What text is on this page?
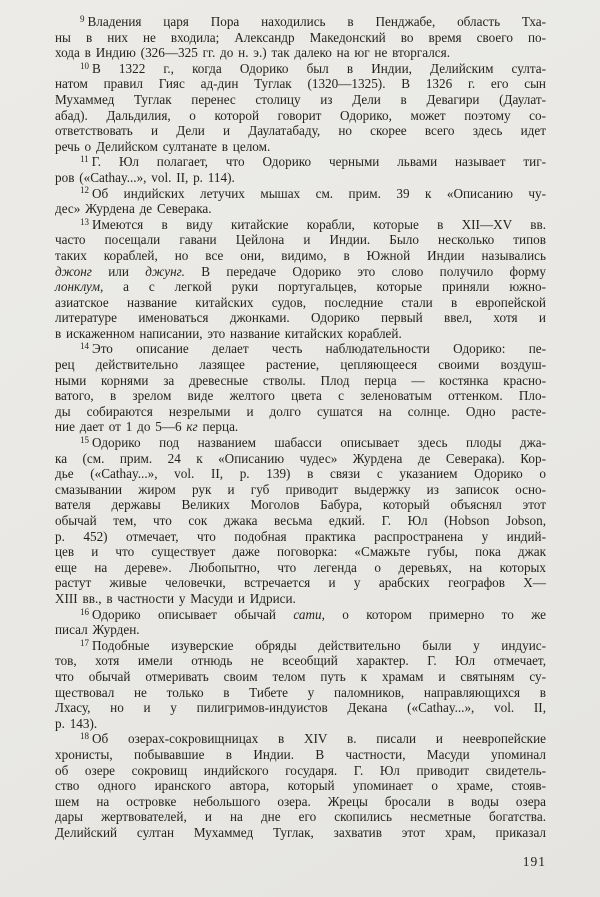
$^9$ Владения царя Пора находились в Пенджабе, область Тха-
ны в них не входила; Александр Македонский во время своего по-
хода в Индию (326—325 гг. до н. э.) так далеко на юг не вторгался.
$^{10}$ В 1322 г., когда Одорико был в Индии, Делийским султа-
натом правил Гияс ад-дин Туглак (1320—1325). В 1326 г. его сын
Мухаммед Туглак перенес столицу из Дели в Девагири (Даулат-
абад). Дальдилия, о которой говорит Одорико, может поэтому со-
ответствовать и Дели и Даулатабаду, но скорее всего здесь идет
речь о Делийском султанате в целом.
$^{11}$ Г. Юл полагает, что Одорико черными львами называет тиг-
ров («Cathay...», vol. II, p. 114).
$^{12}$ Об индийских летучих мышах см. прим. 39 к «Описанию чу-
дес» Журдена де Северака.
$^{13}$ Имеются в виду китайские корабли, которые в XII—XV вв.
часто посещали гавани Цейлона и Индии. Было несколько типов
таких кораблей, но все они, видимо, в Южной Индии назывались
джонг или джунг. В передаче Одорико это слово получило форму
лонклум, а с легкой руки португальцев, которые приняли южно-
азиатское название китайских судов, последние стали в европейской
литературе именоваться джонками. Одорико первый ввел, хотя и
в искаженном написании, это название китайских кораблей.
$^{14}$ Это описание делает честь наблюдательности Одорико: пе-
рец действительно лазящее растение, цепляющееся своими воздуш-
ными корнями за древесные стволы. Плод перца — костянка красно-
ватого, в зрелом виде желтого цвета с зеленоватым оттенком. Пло-
ды собираются незрелыми и долго сушатся на солнце. Одно расте-
ние дает от 1 до 5—6 кг перца.
$^{15}$ Одорико под названием шабасси описывает здесь плоды джа-
ка (см. прим. 24 к «Описанию чудес» Журдена де Северака). Кор-
дье («Cathay...», vol. II, p. 139) в связи с указанием Одорико о
смазывании жиром рук и губ приводит выдержку из записок осно-
вателя державы Великих Моголов Бабура, который объяснял этот
обычай тем, что сок джака весьма едкий. Г. Юл (Hobson Jobson,
p. 452) отмечает, что подобная практика распространена у индий-
цев и что существует даже поговорка: «Смажьте губы, пока джак
еще на дереве». Любопытно, что легенда о деревьях, на которых
растут живые человечки, встречается и у арабских географов X—
XIII вв., в частности у Масуди и Идриси.
$^{16}$ Одорико описывает обычай сати, о котором примерно то же
писал Журден.
$^{17}$ Подобные изуверские обряды действительно были у индуис-
тов, хотя имели отнюдь не всеобщий характер. Г. Юл отмечает,
что обычай отмеривать своим телом путь к храмам и святыням су-
ществовал не только в Тибете у паломников, направляющихся в
Лхасу, но и у пилигримов-индуистов Декана («Cathay...», vol. II,
p. 143).
$^{18}$ Об озерах-сокровищницах в XIV в. писали и неевропейские
хронисты, побывавшие в Индии. В частности, Масуди упоминал
об озере сокровищ индийского государя. Г. Юл приводит свидетель-
ство одного иранского автора, который упоминает о храме, стояв-
шем на островке небольшого озера. Жрецы бросали в воды озера
дары жертвователей, и на дне его скопились несметные богатства.
Делийский султан Мухаммед Туглак, захватив этот храм, приказал
191
